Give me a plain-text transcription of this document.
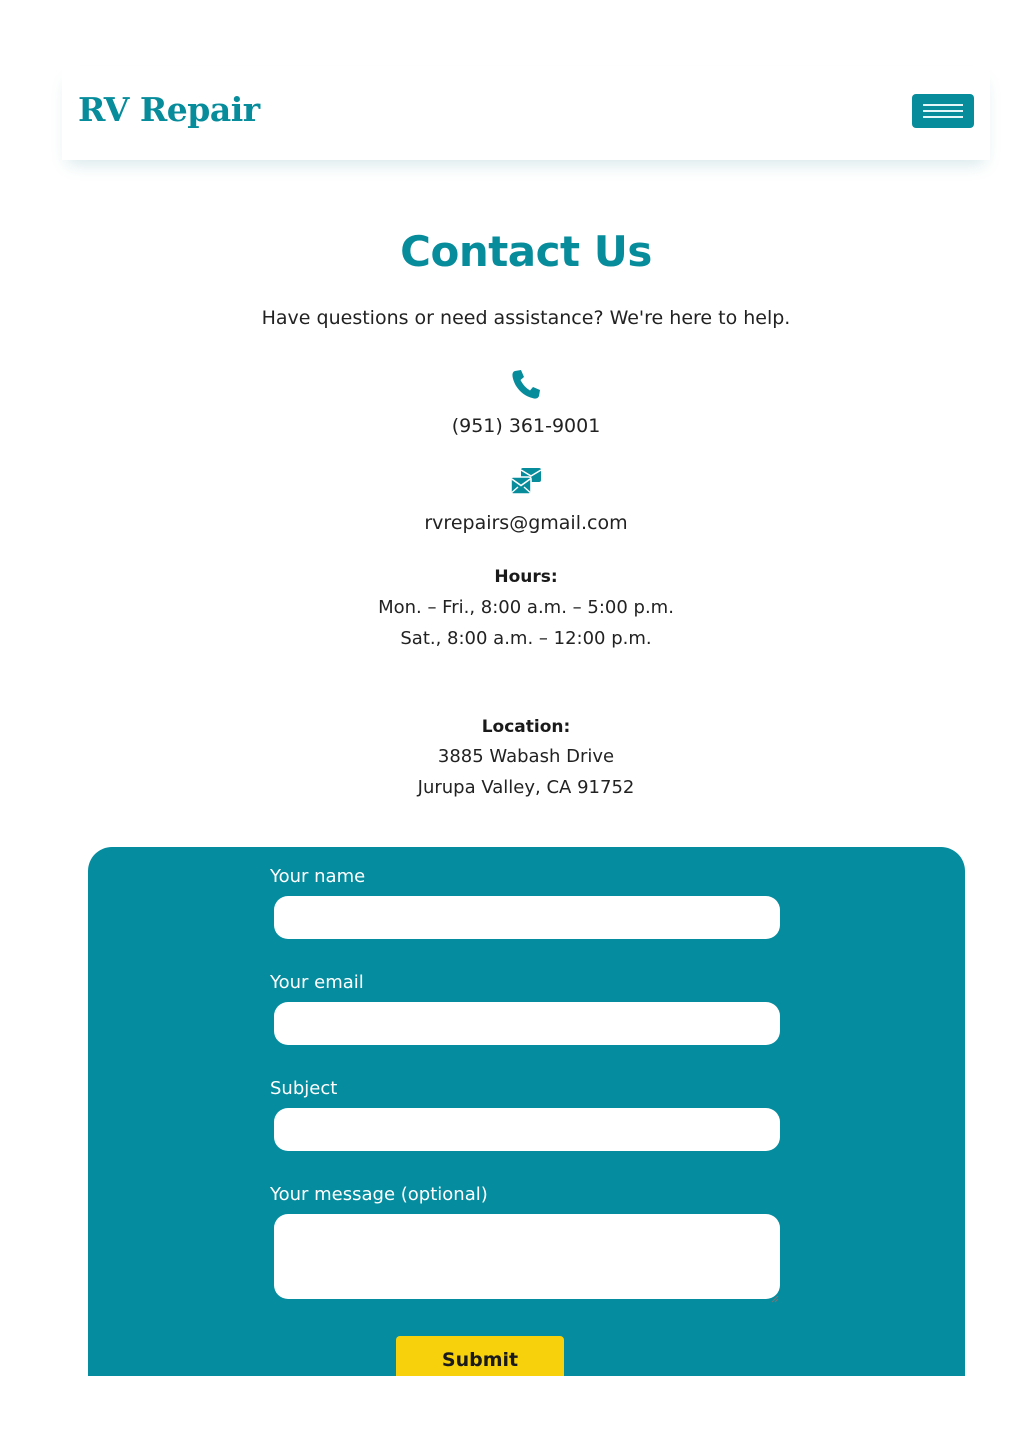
RV Repair
Contact Us
Have questions or need assistance? We're here to help.
(951) 361-9001
rvrepairs@gmail.com
Hours:
Mon. – Fri., 8:00 a.m. – 5:00 p.m.
Sat., 8:00 a.m. – 12:00 p.m.
Location:
3885 Wabash Drive
Jurupa Valley, CA 91752
Your name
Your email
Subject
Your message (optional)
Submit
